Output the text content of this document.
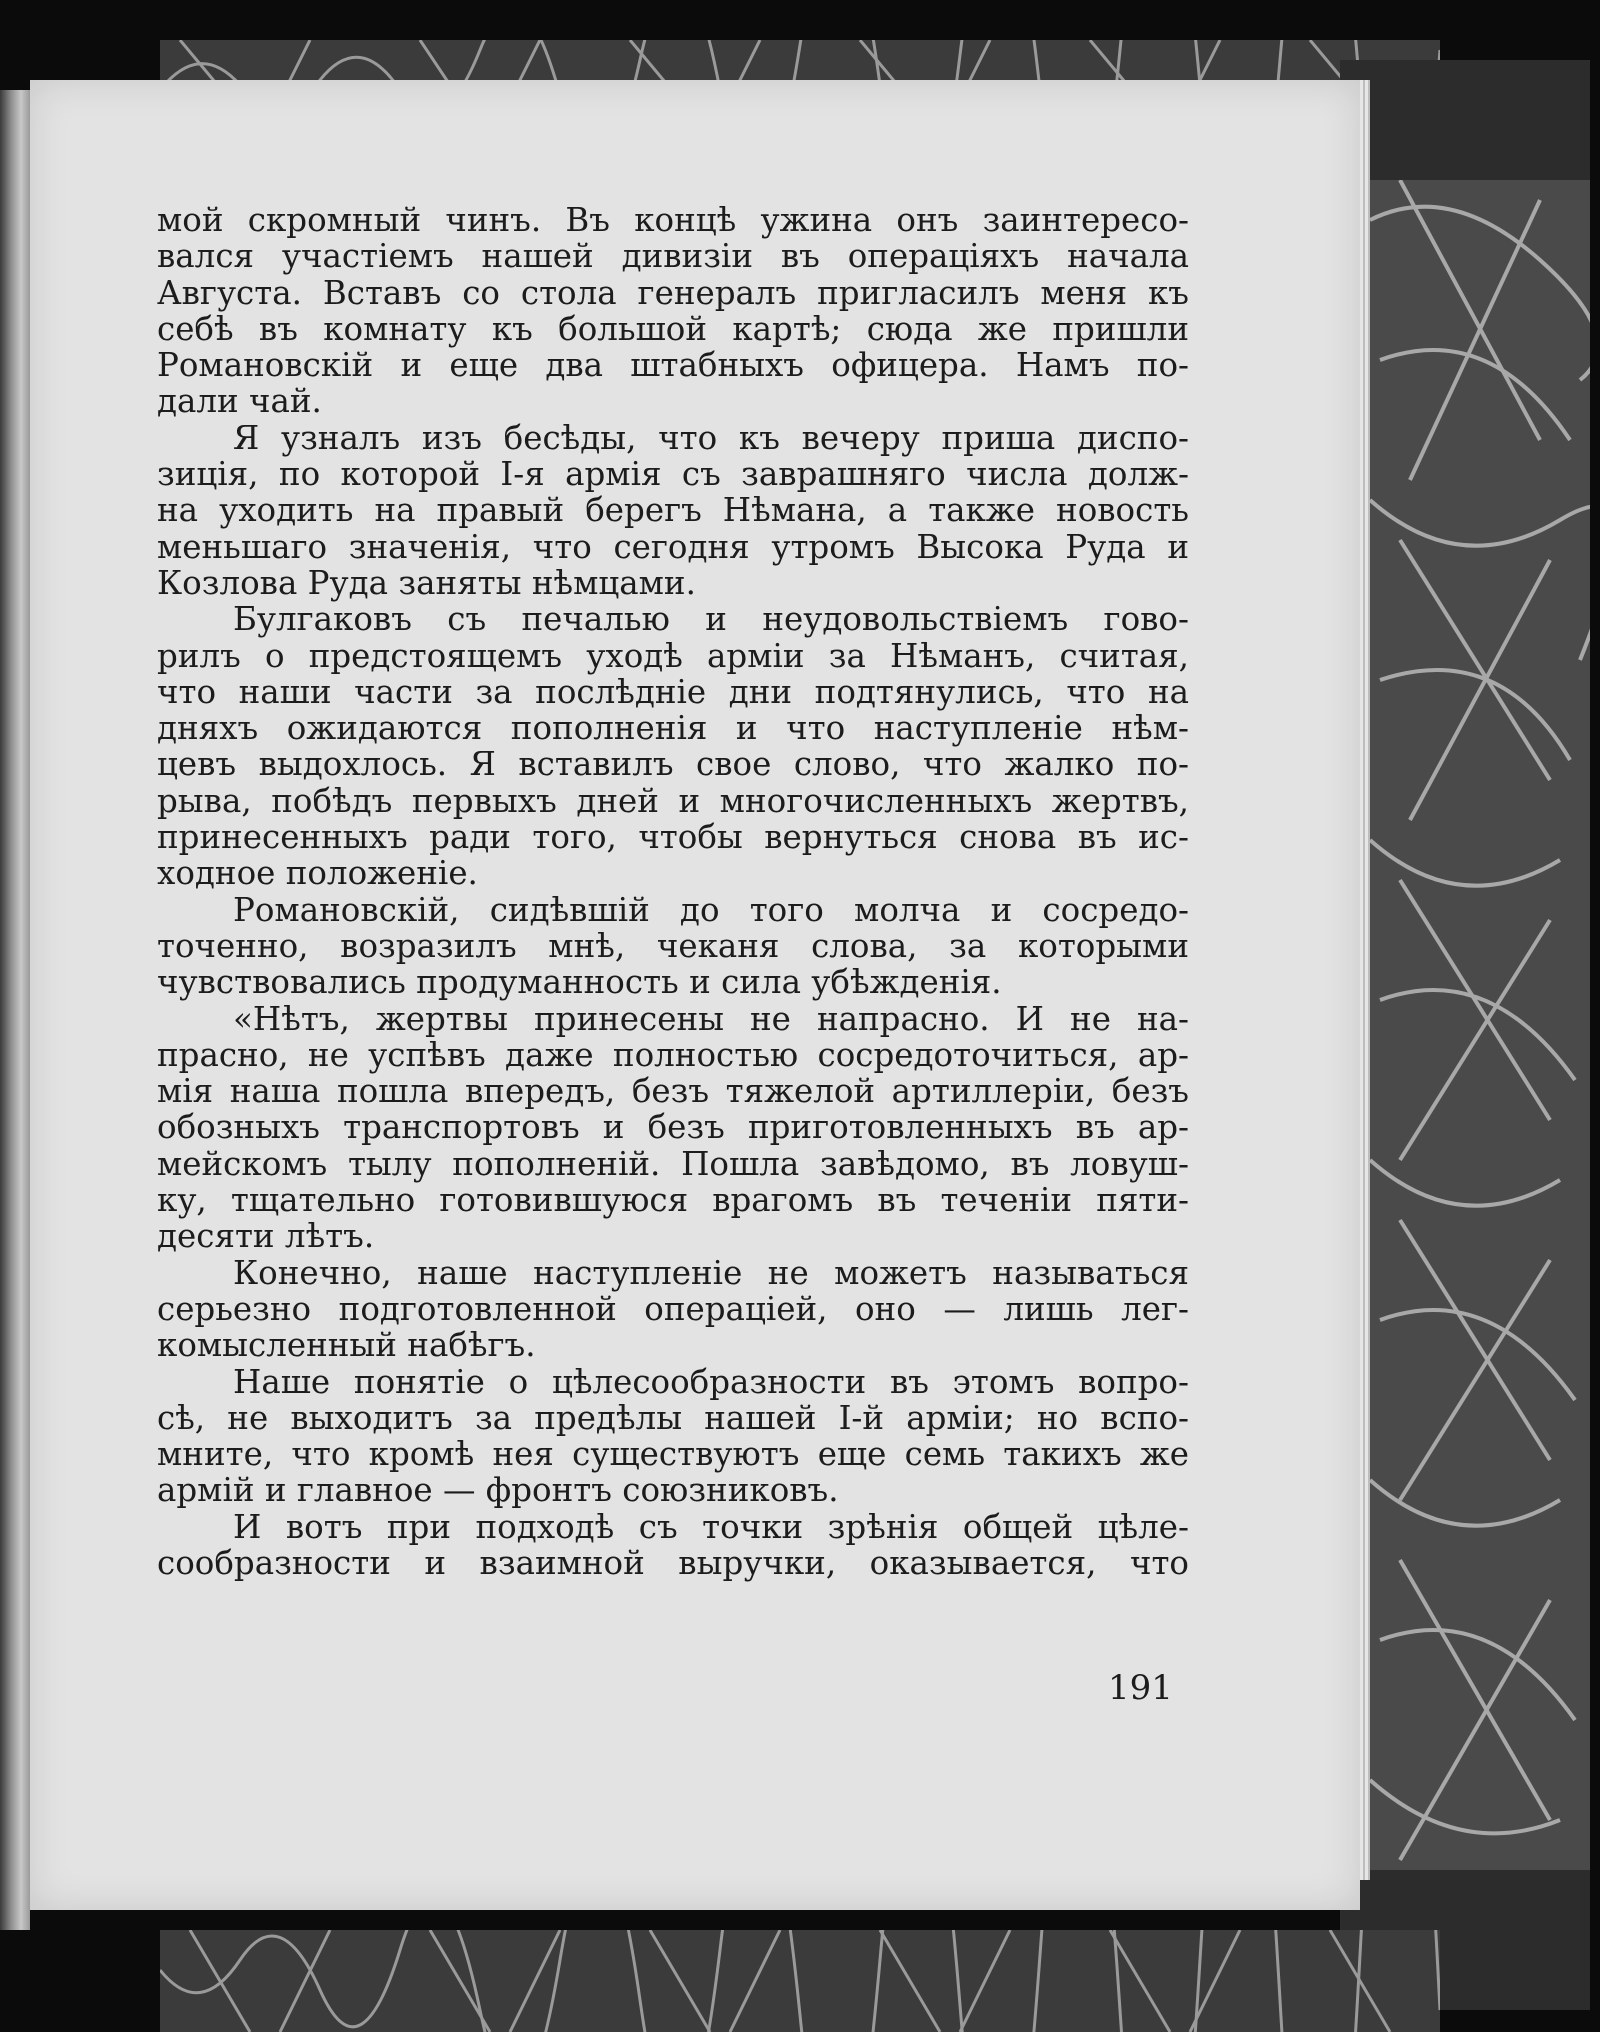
мой скромный чинъ. Въ концѣ ужина онъ заинтересо-
вался участіемъ нашей дивизіи въ операціяхъ начала
Августа. Вставъ со стола генералъ пригласилъ меня къ
себѣ въ комнату къ большой картѣ; сюда же пришли
Романовскій и еще два штабныхъ офицера. Намъ по-
дали чай.
Я узналъ изъ бесѣды, что къ вечеру приша диспо-
зиція, по которой I-я армія съ заврашняго числа долж-
на уходить на правый берегъ Нѣмана, а также новость
меньшаго значенія, что сегодня утромъ Высока Руда и
Козлова Руда заняты нѣмцами.
Булгаковъ съ печалью и неудовольствіемъ гово-
рилъ о предстоящемъ уходѣ арміи за Нѣманъ, считая,
что наши части за послѣдніе дни подтянулись, что на
дняхъ ожидаются пополненія и что наступленіе нѣм-
цевъ выдохлось. Я вставилъ свое слово, что жалко по-
рыва, побѣдъ первыхъ дней и многочисленныхъ жертвъ,
принесенныхъ ради того, чтобы вернуться снова въ ис-
ходное положеніе.
Романовскій, сидѣвшій до того молча и сосредо-
точенно, возразилъ мнѣ, чеканя слова, за которыми
чувствовались продуманность и сила убѣжденія.
«Нѣтъ, жертвы принесены не напрасно. И не на-
прасно, не успѣвъ даже полностью сосредоточиться, ар-
мія наша пошла впередъ, безъ тяжелой артиллеріи, безъ
обозныхъ транспортовъ и безъ приготовленныхъ въ ар-
мейскомъ тылу пополненій. Пошла завѣдомо, въ ловуш-
ку, тщательно готовившуюся врагомъ въ теченіи пяти-
десяти лѣтъ.
Конечно, наше наступленіе не можетъ называться
серьезно подготовленной операціей, оно — лишь лег-
комысленный набѣгъ.
Наше понятіе о цѣлесообразности въ этомъ вопро-
сѣ, не выходитъ за предѣлы нашей I-й арміи; но вспо-
мните, что кромѣ нея существуютъ еще семь такихъ же
армій и главное — фронтъ союзниковъ.
И вотъ при подходѣ съ точки зрѣнія общей цѣле-
сообразности и взаимной выручки, оказывается, что
191
